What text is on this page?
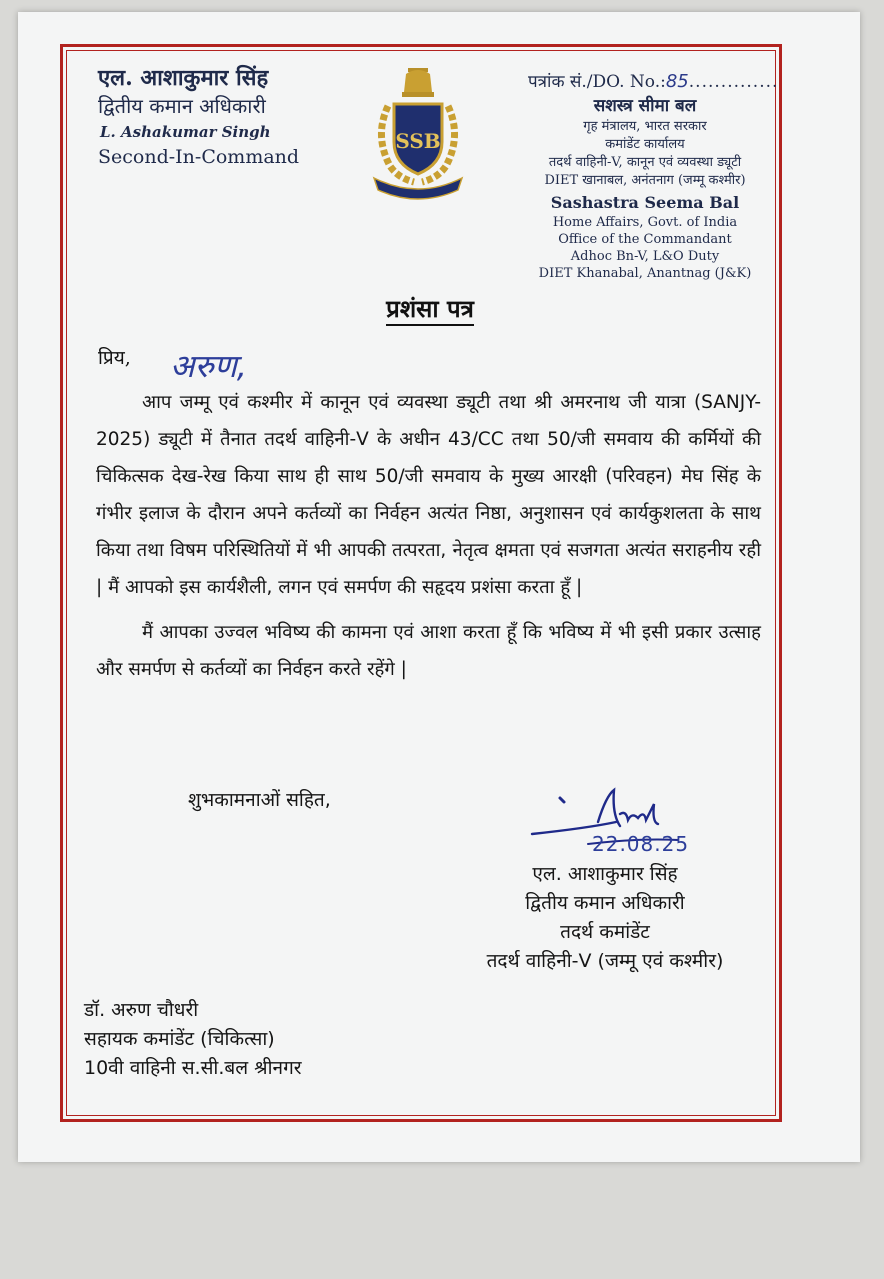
एल. आशाकुमार सिंह
द्वितीय कमान अधिकारी
L. Ashakumar Singh
Second-In-Command
SSB
पत्रांक सं./DO. No.:85..............
सशस्त्र सीमा बल
गृह मंत्रालय, भारत सरकार
कमांडेंट कार्यालय
तदर्थ वाहिनी-V, कानून एवं व्यवस्था ड्यूटी
DIET खानाबल, अनंतनाग (जम्मू कश्मीर)
Sashastra Seema Bal
Home Affairs, Govt. of India
Office of the Commandant
Adhoc Bn-V, L&O Duty
DIET Khanabal, Anantnag (J&K)
प्रशंसा पत्र
प्रिय, अरुण,

आप जम्मू एवं कश्मीर में कानून एवं व्यवस्था ड्यूटी तथा श्री अमरनाथ जी यात्रा (SANJY-2025) ड्यूटी में तैनात तदर्थ वाहिनी-V के अधीन 43/CC तथा 50/जी समवाय की कर्मियों की चिकित्सक देख-रेख किया साथ ही साथ 50/जी समवाय के मुख्य आरक्षी (परिवहन) मेघ सिंह के गंभीर इलाज के दौरान अपने कर्तव्यों का निर्वहन अत्यंत निष्ठा, अनुशासन एवं कार्यकुशलता के साथ किया तथा विषम परिस्थितियों में भी आपकी तत्परता, नेतृत्व क्षमता एवं सजगता अत्यंत सराहनीय रही | मैं आपको इस कार्यशैली, लगन एवं समर्पण की सहृदय प्रशंसा करता हूँ |

मैं आपका उज्वल भविष्य की कामना एवं आशा करता हूँ कि भविष्य में भी इसी प्रकार उत्साह और समर्पण से कर्तव्यों का निर्वहन करते रहेंगे |

शुभकामनाओं सहित,
22.08.25
एल. आशाकुमार सिंह
द्वितीय कमान अधिकारी
तदर्थ कमांडेंट
तदर्थ वाहिनी-V (जम्मू एवं कश्मीर)
डॉ. अरुण चौधरी
सहायक कमांडेंट (चिकित्सा)
10वी वाहिनी स.सी.बल श्रीनगर
